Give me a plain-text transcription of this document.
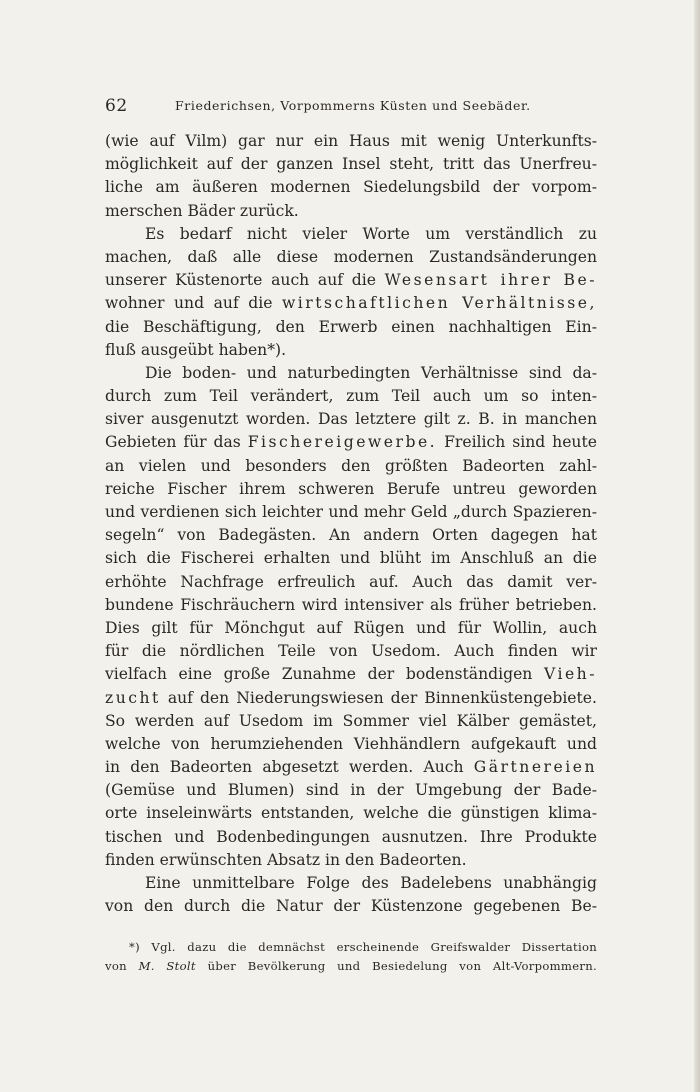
62	Friederichsen, Vorpommerns Küsten und Seebäder.
(wie auf Vilm) gar nur ein Haus mit wenig Unterkunfts-
möglichkeit auf der ganzen Insel steht, tritt das Unerfreu-
liche am äußeren modernen Siedelungsbild der vorpom-
merschen Bäder zurück.
Es bedarf nicht vieler Worte um verständlich zu
machen, daß alle diese modernen Zustandsänderungen
unserer Küstenorte auch auf die Wesensart ihrer Be-
wohner und auf die wirtschaftlichen Verhältnisse,
die Beschäftigung, den Erwerb einen nachhaltigen Ein-
fluß ausgeübt haben*).
Die boden- und naturbedingten Verhältnisse sind da-
durch zum Teil verändert, zum Teil auch um so inten-
siver ausgenutzt worden. Das letztere gilt z. B. in manchen
Gebieten für das Fischereigewerbe. Freilich sind heute
an vielen und besonders den größten Badeorten zahl-
reiche Fischer ihrem schweren Berufe untreu geworden
und verdienen sich leichter und mehr Geld „durch Spazieren-
segeln“ von Badegästen. An andern Orten dagegen hat
sich die Fischerei erhalten und blüht im Anschluß an die
erhöhte Nachfrage erfreulich auf. Auch das damit ver-
bundene Fischräuchern wird intensiver als früher betrieben.
Dies gilt für Mönchgut auf Rügen und für Wollin, auch
für die nördlichen Teile von Usedom. Auch finden wir
vielfach eine große Zunahme der bodenständigen Vieh-
zucht auf den Niederungswiesen der Binnenküstengebiete.
So werden auf Usedom im Sommer viel Kälber gemästet,
welche von herumziehenden Viehhändlern aufgekauft und
in den Badeorten abgesetzt werden. Auch Gärtnereien
(Gemüse und Blumen) sind in der Umgebung der Bade-
orte inseleinwärts entstanden, welche die günstigen klima-
tischen und Bodenbedingungen ausnutzen. Ihre Produkte
finden erwünschten Absatz in den Badeorten.
Eine unmittelbare Folge des Badelebens unabhängig
von den durch die Natur der Küstenzone gegebenen Be-
*) Vgl. dazu die demnächst erscheinende Greifswalder Dissertation
von M. Stolt über Bevölkerung und Besiedelung von Alt-Vorpommern.
